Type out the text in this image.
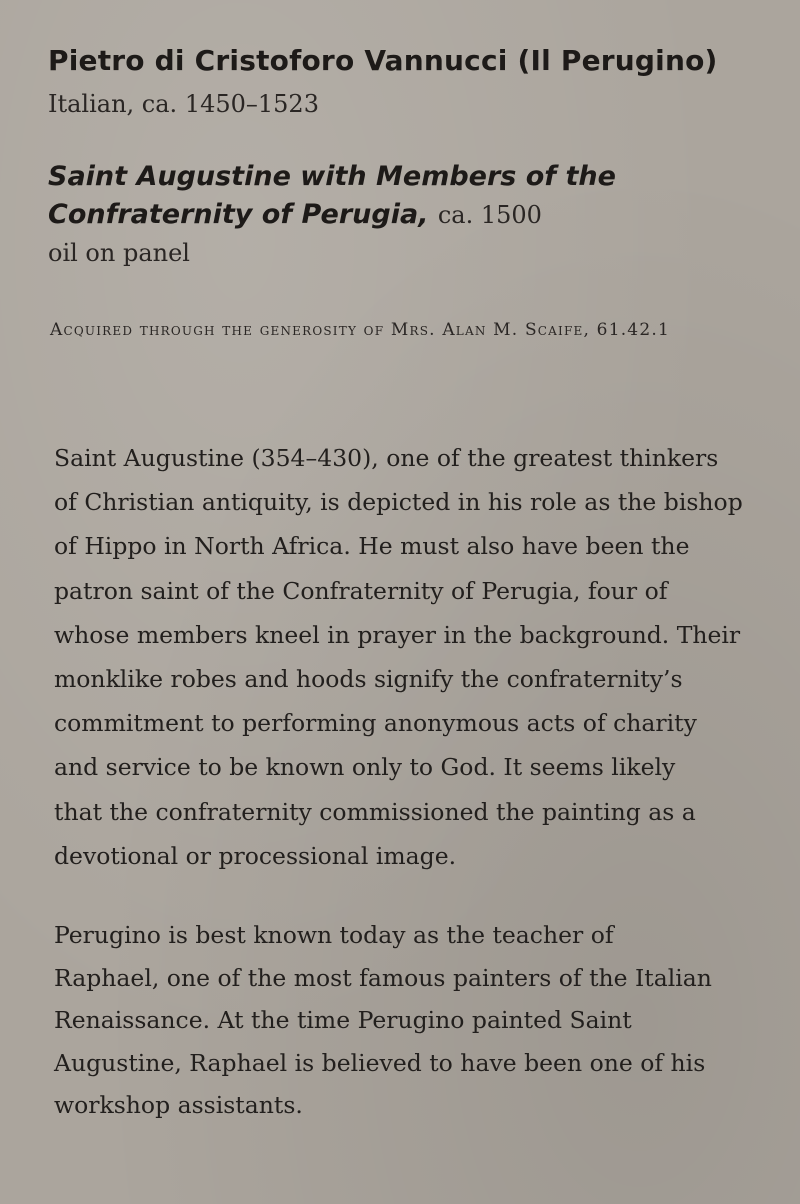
Pietro di Cristoforo Vannucci (Il Perugino)
Italian, ca. 1450–1523
Saint Augustine with Members of the
Confraternity of Perugia, ca. 1500
oil on panel
Acquired through the generosity of Mrs. Alan M. Scaife, 61.42.1
Saint Augustine (354–430), one of the greatest thinkers
of Christian antiquity, is depicted in his role as the bishop
of Hippo in North Africa. He must also have been the
patron saint of the Confraternity of Perugia, four of
whose members kneel in prayer in the background. Their
monklike robes and hoods signify the confraternity’s
commitment to performing anonymous acts of charity
and service to be known only to God. It seems likely
that the confraternity commissioned the painting as a
devotional or processional image.
Perugino is best known today as the teacher of
Raphael, one of the most famous painters of the Italian
Renaissance. At the time Perugino painted Saint
Augustine, Raphael is believed to have been one of his
workshop assistants.
